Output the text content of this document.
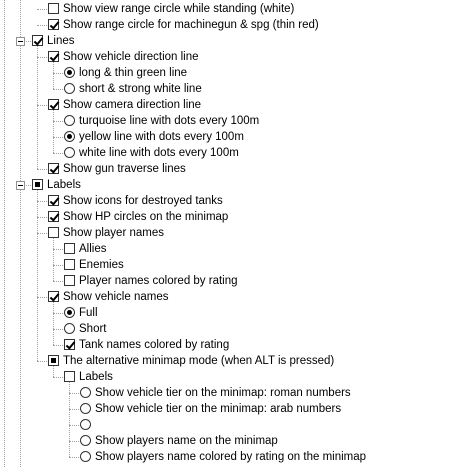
Show view range circle while standing (white)
Show range circle for machinegun & spg (thin red)
Lines
Show vehicle direction line
long & thin green line
short & strong white line
Show camera direction line
turquoise line with dots every 100m
yellow line with dots every 100m
white line with dots every 100m
Show gun traverse lines
Labels
Show icons for destroyed tanks
Show HP circles on the minimap
Show player names
Allies
Enemies
Player names colored by rating
Show vehicle names
Full
Short
Tank names colored by rating
The alternative minimap mode (when ALT is pressed)
Labels
Show vehicle tier on the minimap: roman numbers
Show vehicle tier on the minimap: arab numbers
Show players name on the minimap
Show players name colored by rating on the minimap
